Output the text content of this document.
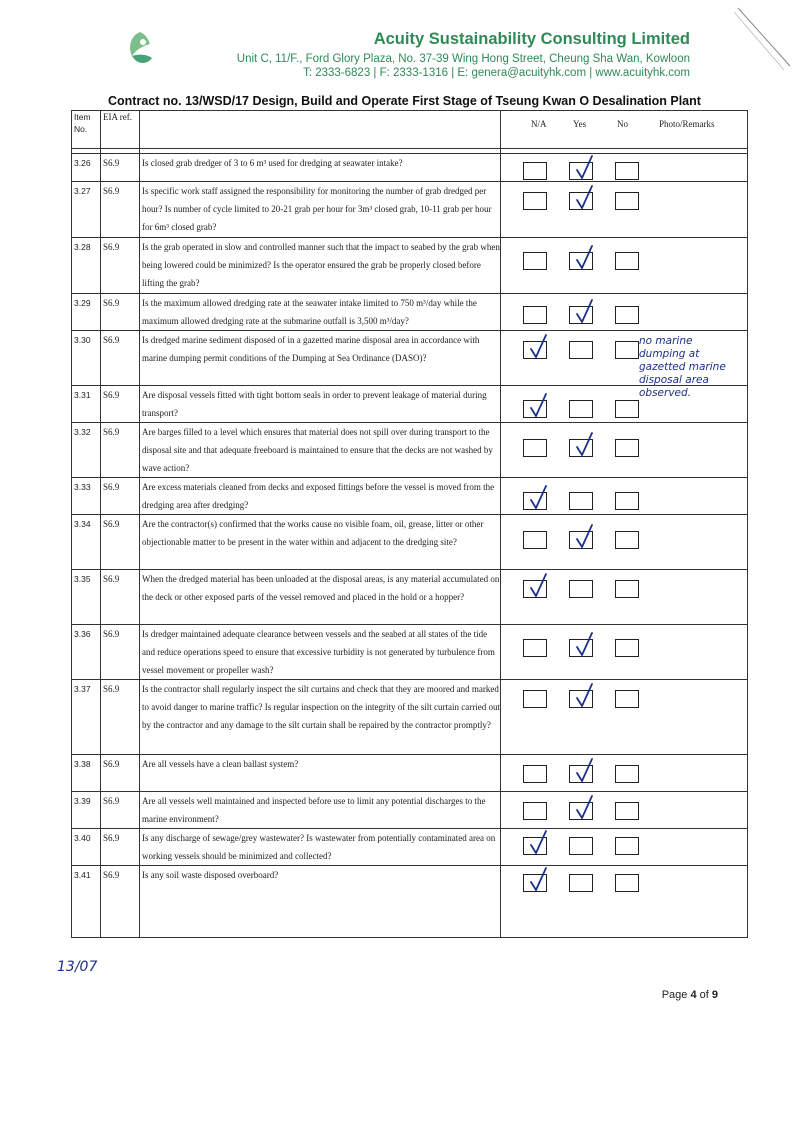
Acuity Sustainability Consulting Limited
Unit C, 11/F., Ford Glory Plaza, No. 37-39 Wing Hong Street, Cheung Sha Wan, Kowloon
T: 2333-6823 | F: 2333-1316 | E: genera@acuityhk.com | www.acuityhk.com
Contract no. 13/WSD/17 Design, Build and Operate First Stage of Tseung Kwan O Desalination Plant
Item No.	EIA ref.		N/A Yes No Photo/Remarks

3.26	S6.9	Is closed grab dredger of 3 to 6 m³ used for dredging at seawater intake?	

3.27	S6.9	Is specific work staff assigned the responsibility for monitoring the number of grab dredged per hour? Is number of cycle limited to 20-21 grab per hour for 3m³ closed grab, 10-11 grab per hour for 6m³ closed grab?	

3.28	S6.9	Is the grab operated in slow and controlled manner such that the impact to seabed by the grab when being lowered could be minimized? Is the operator ensured the grab be properly closed before lifting the grab?	

3.29	S6.9	Is the maximum allowed dredging rate at the seawater intake limited to 750 m³/day while the maximum allowed dredging rate at the submarine outfall is 3,500 m³/day?	

3.30	S6.9	Is dredged marine sediment disposed of in a gazetted marine disposal area in accordance with marine dumping permit conditions of the Dumping at Sea Ordinance (DASO)?	no marine dumping at gazetted marine disposal area observed.

3.31	S6.9	Are disposal vessels fitted with tight bottom seals in order to prevent leakage of material during transport?	

3.32	S6.9	Are barges filled to a level which ensures that material does not spill over during transport to the disposal site and that adequate freeboard is maintained to ensure that the decks are not washed by wave action?	

3.33	S6.9	Are excess materials cleaned from decks and exposed fittings before the vessel is moved from the dredging area after dredging?	

3.34	S6.9	Are the contractor(s) confirmed that the works cause no visible foam, oil, grease, litter or other objectionable matter to be present in the water within and adjacent to the dredging site?	

3.35	S6.9	When the dredged material has been unloaded at the disposal areas, is any material accumulated on the deck or other exposed parts of the vessel removed and placed in the hold or a hopper?	

3.36	S6.9	Is dredger maintained adequate clearance between vessels and the seabed at all states of the tide and reduce operations speed to ensure that excessive turbidity is not generated by turbulence from vessel movement or propeller wash?	

3.37	S6.9	Is the contractor shall regularly inspect the silt curtains and check that they are moored and marked to avoid danger to marine traffic? Is regular inspection on the integrity of the silt curtain carried out by the contractor and any damage to the silt curtain shall be repaired by the contractor promptly?	

3.38	S6.9	Are all vessels have a clean ballast system?	

3.39	S6.9	Are all vessels well maintained and inspected before use to limit any potential discharges to the marine environment?	

3.40	S6.9	Is any discharge of sewage/grey wastewater? Is wastewater from potentially contaminated area on working vessels should be minimized and collected?	

3.41	S6.9	Is any soil waste disposed overboard?	
13/07
Page 4 of 9
